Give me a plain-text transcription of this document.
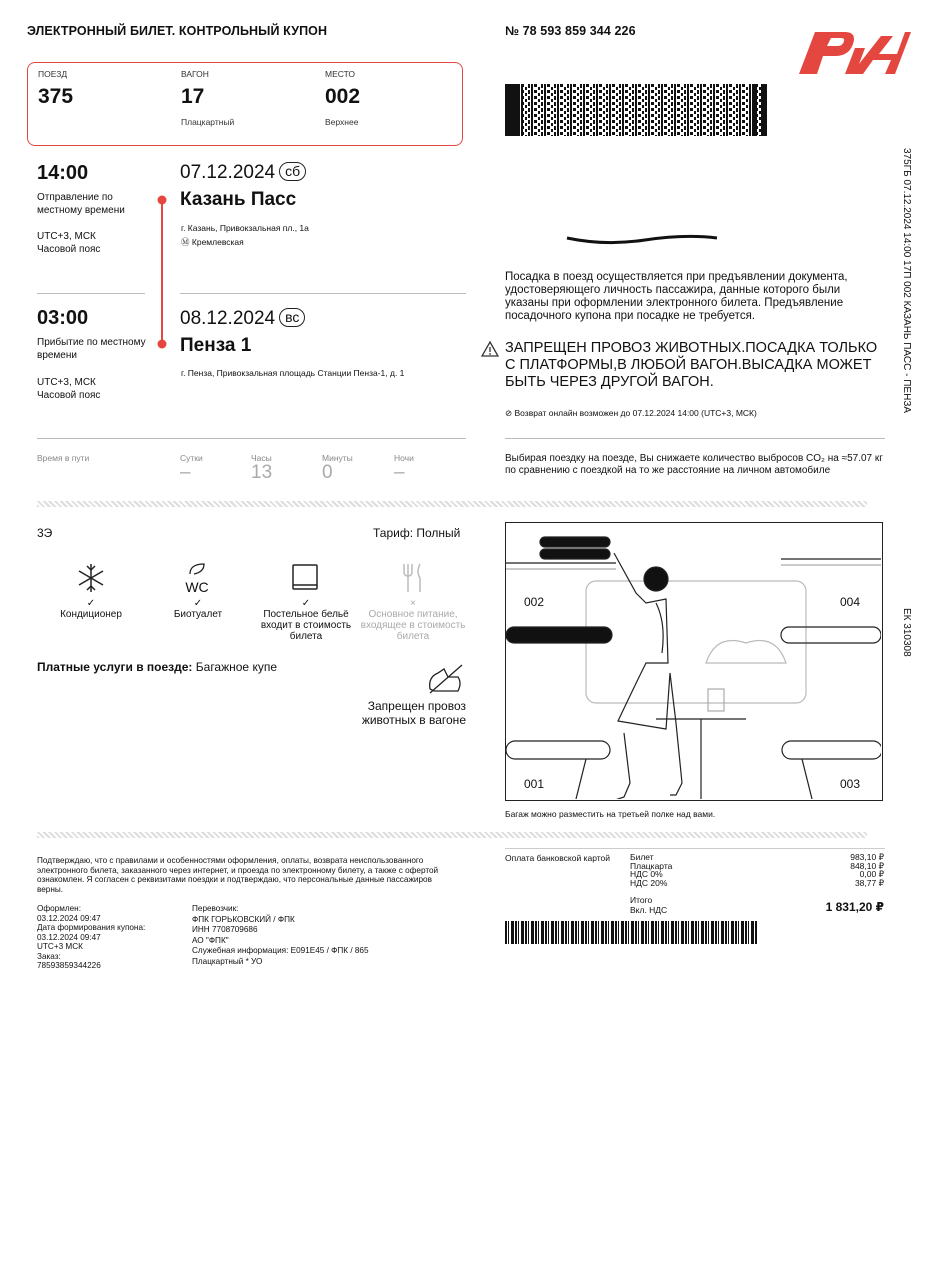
ЭЛЕКТРОННЫЙ БИЛЕТ. КОНТРОЛЬНЫЙ КУПОН	№ 78 593 859 344 226
ПОЕЗД
375
ВАГОН
17
Плацкартный
МЕСТО
002
Верхнее
14:00
Отправление по местному времени
UTC+3, МСК
Часовой пояс
07.12.2024 сб
Казань Пасс
г. Казань, Привокзальная пл., 1а
Ⓜ Кремлевская
03:00
Прибытие по местному времени
UTC+3, МСК
Часовой пояс
08.12.2024 вс
Пенза 1
г. Пенза, Привокзальная площадь Станции Пенза-1, д. 1
Время в пути	Сутки
–
Часы
13
Минуты
0
Ночи
–
Посадка в поезд осуществляется при предъявлении документа, удостоверяющего личность пассажира, данные которого были указаны при оформлении электронного билета. Предъявление посадочного купона при посадке не требуется.
ЗАПРЕЩЕН ПРОВОЗ ЖИВОТНЫХ.ПОСАДКА ТОЛЬКО С ПЛАТФОРМЫ,В ЛЮБОЙ ВАГОН.ВЫСАДКА МОЖЕТ БЫТЬ ЧЕРЕЗ ДРУГОЙ ВАГОН.
⊘ Возврат онлайн возможен до 07.12.2024 14:00 (UTC+3, МСК)
Выбирая поездку на поезде, Вы снижаете количество выбросов CO₂ на ≈57.07 кг по сравнению с поездкой на то же расстояние на личном автомобиле
375ГБ 07.12.2024 14:00 17П 002 КАЗАНЬ ПАСС - ПЕНЗА
ЕК 310308
3Э	Тариф: Полный
WC
✓
Кондиционер
✓
Биотуалет
✓
Постельное бельё входит в стоимость билета
×
Основное питание, входящее в стоимость билета
Платные услуги в поезде: Багажное купе
Запрещен провоз животных в вагоне
002	004
001	003
Багаж можно разместить на третьей полке над вами.
Подтверждаю, что с правилами и особенностями оформления, оплаты, возврата неиспользованного электронного билета, заказанного через интернет, и проезда по электронному билету, а также с офертой ознакомлен. Я согласен с реквизитами поездки и подтверждаю, что персональные данные пассажиров верны.
Оформлен:
03.12.2024 09:47
Дата формирования купона:
03.12.2024 09:47
UTC+3 МСК
Заказ:
78593859344226
Перевозчик:
ФПК ГОРЬКОВСКИЙ / ФПК
ИНН 7708709686
АО "ФПК"
Служебная информация: Е091Е45 / ФПК / 865
Плацкартный * УО
Оплата банковской картой Билет	983,10 ₽
Плацкарта	848,10 ₽
НДС 0%	0,00 ₽
НДС 20%	38,77 ₽
Итого
Вкл. НДС	1 831,20 ₽
